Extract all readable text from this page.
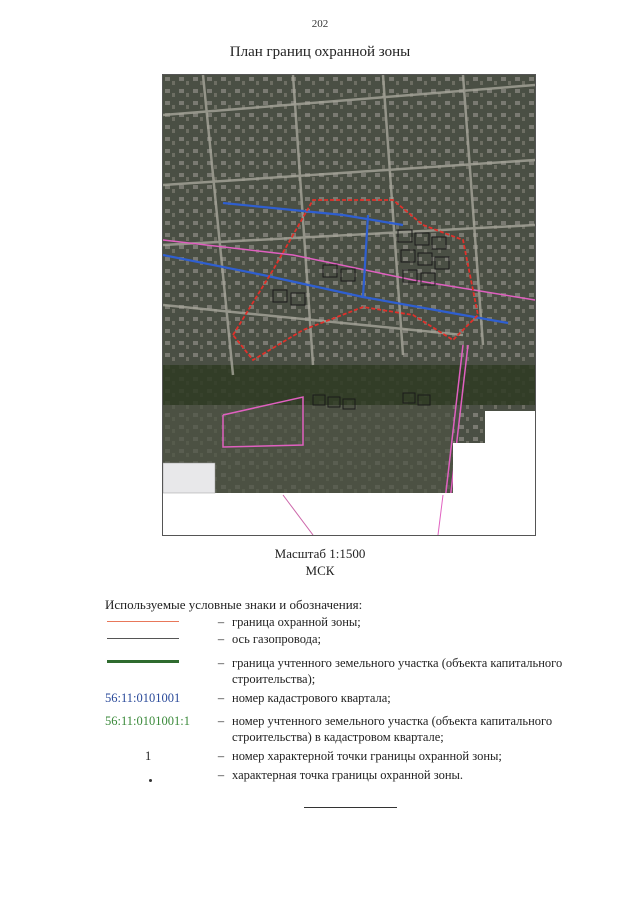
202
План границ охранной зоны
Масштаб 1:1500
МСК
Используемые условные знаки и обозначения:
– граница охранной зоны;
– ось газопровода;
– граница учтенного земельного участка (объекта капитального строительства);
56:11:0101001	– номер кадастрового квартала;
56:11:0101001:1	– номер учтенного земельного участка (объекта капитального строительства) в кадастровом квартале;
1	– номер характерной точки границы охранной зоны;
– характерная точка границы охранной зоны.
